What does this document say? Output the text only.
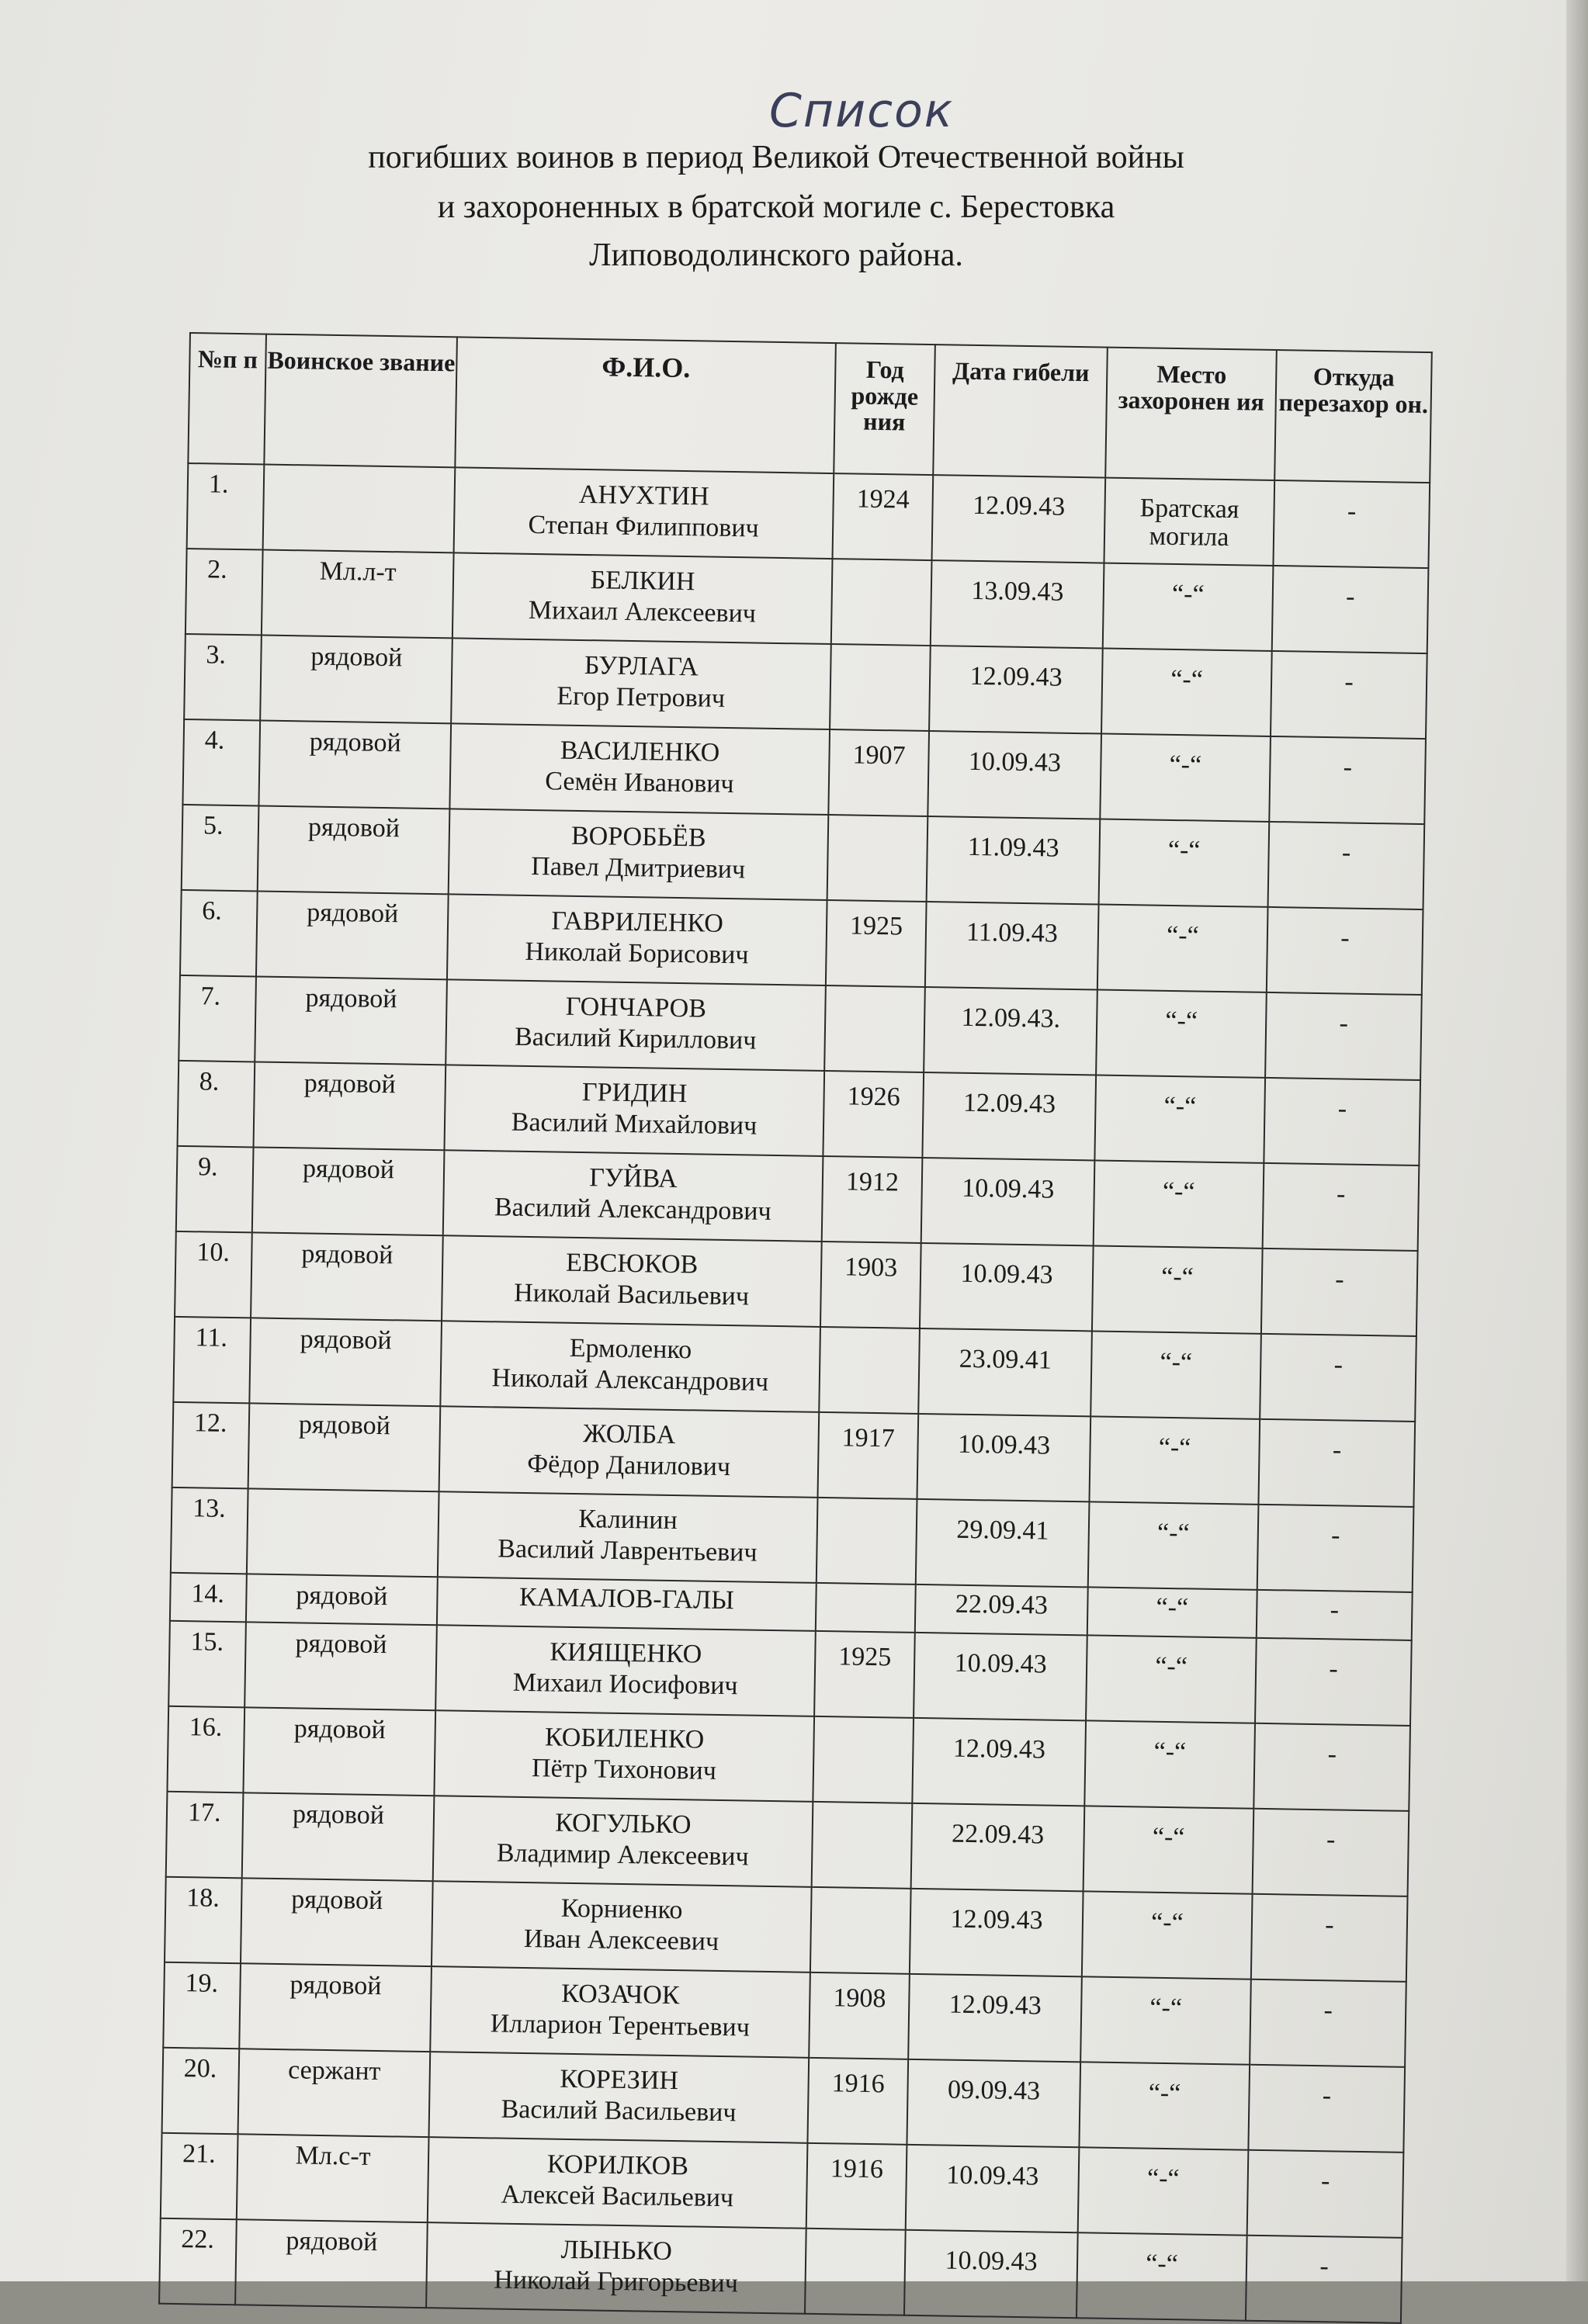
Список
погибших воинов в период Великой Отечественной войны
и захороненных в братской могиле с. Берестовка
Липоводолинского района.
№п п	Воинское звание	Ф.И.О.	Год рожде ния	Дата гибели	Место захоронен ия	Откуда перезахор он.
1.		АНУХТИН
Степан Филиппович	1924	12.09.43	Братская могила	-
2.	Мл.л-т	БЕЛКИН
Михаил Алексеевич		13.09.43	“-“	-
3.	рядовой	БУРЛАГА
Егор Петрович		12.09.43	“-“	-
4.	рядовой	ВАСИЛЕНКО
Семён Иванович	1907	10.09.43	“-“	-
5.	рядовой	ВОРОБЬЁВ
Павел Дмитриевич		11.09.43	“-“	-
6.	рядовой	ГАВРИЛЕНКО
Николай Борисович	1925	11.09.43	“-“	-
7.	рядовой	ГОНЧАРОВ
Василий Кириллович		12.09.43.	“-“	-
8.	рядовой	ГРИДИН
Василий Михайлович	1926	12.09.43	“-“	-
9.	рядовой	ГУЙВА
Василий Александрович	1912	10.09.43	“-“	-
10.	рядовой	ЕВСЮКОВ
Николай Васильевич	1903	10.09.43	“-“	-
11.	рядовой	Ермоленко
Николай Александрович		23.09.41	“-“	-
12.	рядовой	ЖОЛБА
Фёдор Данилович	1917	10.09.43	“-“	-
13.		Калинин
Василий Лаврентьевич		29.09.41	“-“	-
14.	рядовой	КАМАЛОВ-ГАЛЫ		22.09.43	“-“	-
15.	рядовой	КИЯЩЕНКО
Михаил Иосифович	1925	10.09.43	“-“	-
16.	рядовой	КОБИЛЕНКО
Пётр Тихонович		12.09.43	“-“	-
17.	рядовой	КОГУЛЬКО
Владимир Алексеевич		22.09.43	“-“	-
18.	рядовой	Корниенко
Иван Алексеевич		12.09.43	“-“	-
19.	рядовой	КОЗАЧОК
Илларион Терентьевич	1908	12.09.43	“-“	-
20.	сержант	КОРЕЗИН
Василий Васильевич	1916	09.09.43	“-“	-
21.	Мл.с-т	КОРИЛКОВ
Алексей Васильевич	1916	10.09.43	“-“	-
22.	рядовой	ЛЫНЬКО
Николай Григорьевич		10.09.43	“-“	-
